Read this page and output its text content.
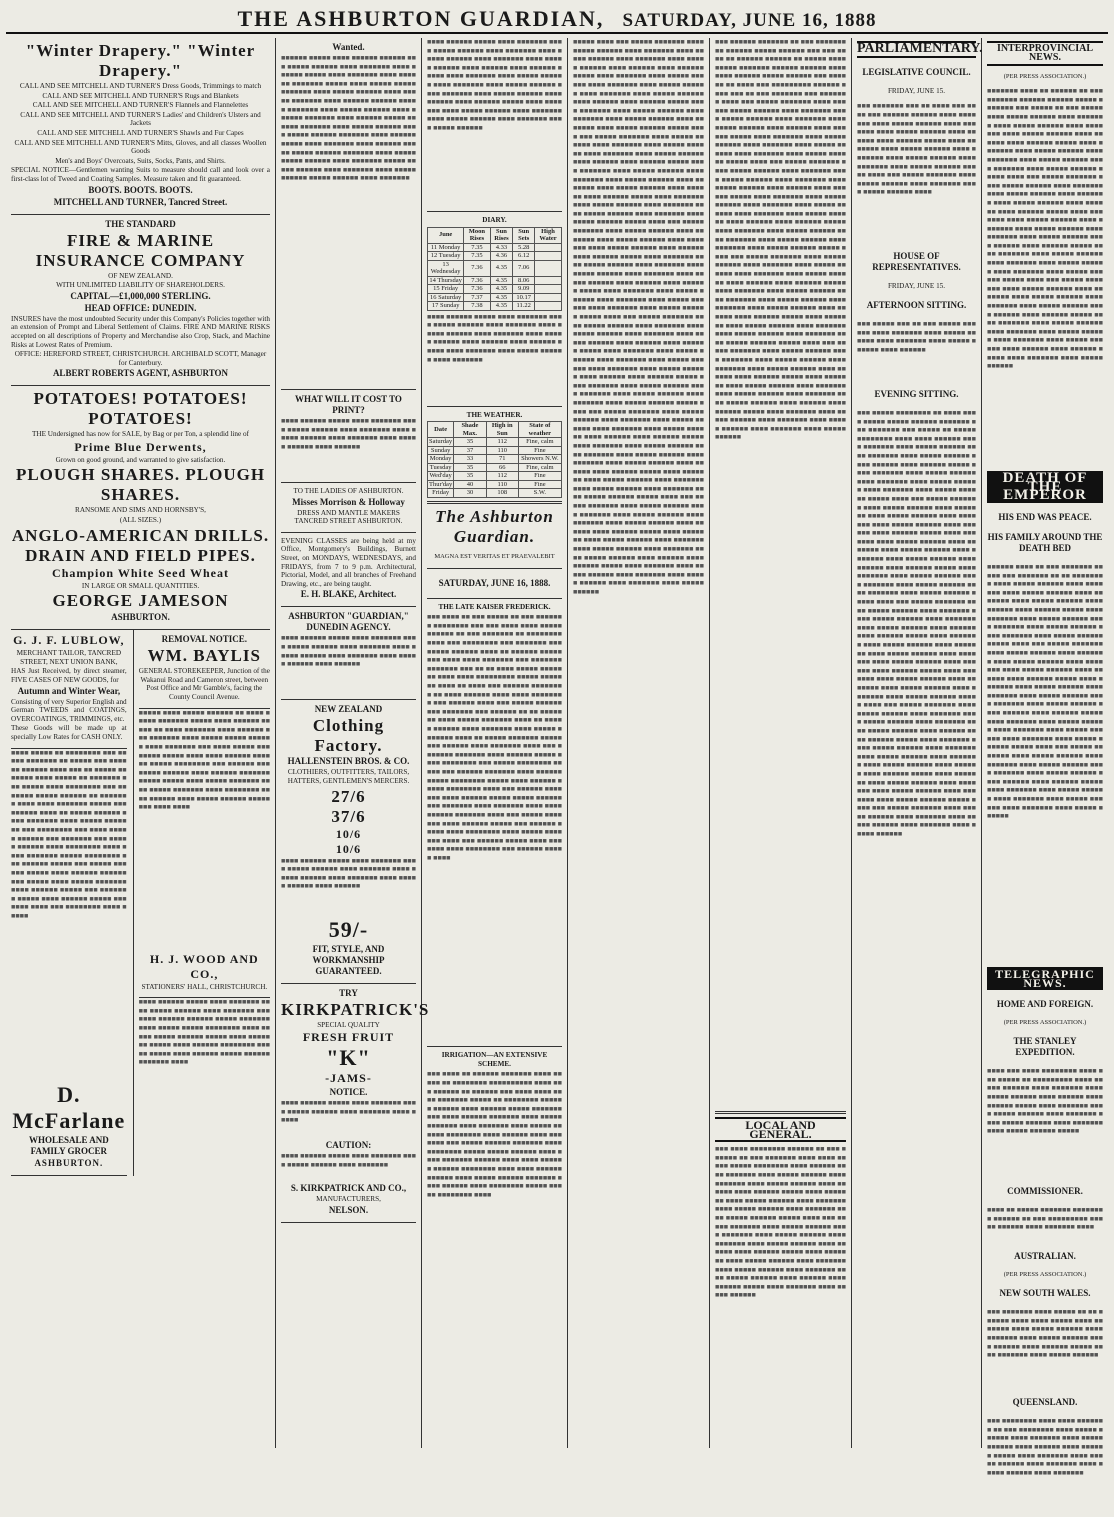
THE ASHBURTON GUARDIAN, SATURDAY, JUNE 16, 1888
"Winter Drapery." "Winter Drapery."

CALL AND SEE MITCHELL AND TURNER'S Dress Goods, Trimmings to match

CALL AND SEE MITCHELL AND TURNER'S Rugs and Blankets

CALL AND SEE MITCHELL AND TURNER'S Flannels and Flannelettes

CALL AND SEE MITCHELL AND TURNER'S Ladies' and Children's Ulsters and Jackets

CALL AND SEE MITCHELL AND TURNER'S Shawls and Fur Capes

CALL AND SEE MITCHELL AND TURNER'S Mitts, Gloves, and all classes Woollen Goods

Men's and Boys' Overcoats, Suits, Socks, Pants, and Shirts.

SPECIAL NOTICE—Gentlemen wanting Suits to measure should call and look over a first-class lot of Tweed and Coating Samples. Measure taken and fit guaranteed.

BOOTS. BOOTS. BOOTS.

MITCHELL AND TURNER, Tancred Street.

THE STANDARD

FIRE & MARINE INSURANCE COMPANY

OF NEW ZEALAND.

WITH UNLIMITED LIABILITY OF SHAREHOLDERS.

CAPITAL—£1,000,000 STERLING.

HEAD OFFICE: DUNEDIN.

INSURES have the most undoubted Security under this Company's Policies together with an extension of Prompt and Liberal Settlement of Claims. FIRE AND MARINE RISKS accepted on all descriptions of Property and Merchandise also Crop, Stack, and Machine Risks at Lowest Rates of Premium.

OFFICE: HEREFORD STREET, CHRISTCHURCH. ARCHIBALD SCOTT, Manager for Canterbury.

ALBERT ROBERTS AGENT, ASHBURTON

POTATOES! POTATOES! POTATOES!

THE Undersigned has now for SALE, by Bag or per Ton, a splendid line of

Prime Blue Derwents,

Grown on good ground, and warranted to give satisfaction.

PLOUGH SHARES. PLOUGH SHARES.

RANSOME AND SIMS AND HORNSBY'S,

(ALL SIZES.)

ANGLO-AMERICAN DRILLS.
DRAIN AND FIELD PIPES.
Champion White Seed Wheat

IN LARGE OR SMALL QUANTITIES.

GEORGE JAMESON

ASHBURTON.

G. J. F. LUBLOW,

MERCHANT TAILOR, TANCRED STREET, NEXT UNION BANK,

HAS Just Received, by direct steamer, FIVE CASES OF NEW GOODS, for

Autumn and Winter Wear,

Consisting of very Superior English and German TWEEDS and COATINGS, OVERCOATINGS, TRIMMINGS, etc.

These Goods will be made up at specially Low Rates for CASH ONLY.

■■■■ ■■■■■ ■■ ■■■■■■■■ ■■■ ■■■■■ ■■■■■■■ ■■ ■■■■■ ■■■ ■■■■■■ ■■■■■■ ■■■■ ■■■ ■■ ■■■■■ ■■■■■■■ ■■■■ ■■■■■ ■■ ■■■■■■■ ■■■ ■■■■■ ■■■■ ■■■■■■■■ ■■■ ■■■■■■■ ■■■■■ ■■■■■■ ■■ ■■■■■■■ ■■■■ ■■■■ ■■■■■■■ ■■■■■ ■■■ ■■■■■■ ■■■■ ■■ ■■■■■ ■■■■■■ ■■■■ ■■■■■■■ ■■■■ ■■■■■ ■■■■■■■ ■■■ ■■■■■■■■ ■■■ ■■■■ ■■■■■ ■■■■■■ ■■■ ■■■■■■■ ■■■ ■■■■■ ■■■■■■ ■■■■ ■■■■■■■■ ■■■■ ■■■■ ■■■■■■■ ■■■■■ ■■■■■■■■ ■■■ ■■■■■■ ■■■■■ ■■■ ■■■■■ ■■■■■■ ■■■■■ ■■■■ ■■■■■■ ■■■■■■■■■ ■■■■■ ■■■■ ■■■■■ ■■■■■■■ ■■■■ ■■■■■■ ■■■■■ ■■■ ■■■■■■■ ■■■■■ ■■■■ ■■■■■■ ■■■■■ ■■■■■■■ ■■■■ ■■■ ■■■■■■■■ ■■■■ ■■■■■
D. McFarlane

WHOLESALE AND FAMILY GROCER

ASHBURTON.

REMOVAL NOTICE.

WM. BAYLIS

GENERAL STOREKEEPER, Junction of the Wakanui Road and Cameron street, between Post Office and Mr Gamble's, facing the County Council Avenue.

■■■■■ ■■■■ ■■■■■ ■■■■■■ ■■ ■■■■ ■■■■■ ■■■■■■■ ■■■■■ ■■■■ ■■■■■■ ■■■■■ ■■ ■■■■ ■■■■■■■ ■■■■ ■■■■■■ ■■■ ■■■■■■■ ■■■■ ■■■■■ ■■■■■ ■■■■■■ ■■■■ ■■■■■■■ ■■■ ■■■■ ■■■■■ ■■■■■■■■ ■■■■■ ■■■■ ■■■■ ■■■■■■ ■■■■■■ ■■■■■ ■■■■■■■■ ■■■ ■■■■■■ ■■■ ■■■■■ ■■■■■■ ■■■■ ■■■■■■ ■■■■■■■ ■■■■■ ■■■■■ ■■■■ ■■■■■ ■■■■■■■ ■■■■ ■■■■■ ■■■■■■■ ■■■■ ■■■■■■■■ ■■■■ ■■■■■■ ■■■■ ■■■■■ ■■■■■■ ■■■■■■■■ ■■■■ ■■■■
H. J. WOOD AND CO.,

STATIONERS' HALL, CHRISTCHURCH.

■■■■ ■■■■■■ ■■■■■ ■■■■ ■■■■■■■ ■■■■ ■■■■■ ■■■■■■ ■■■■ ■■■■■■■ ■■■ ■■■■ ■■■■■■ ■■■■■■ ■■■■■ ■■■■■■■ ■■■■ ■■■■■ ■■■■■ ■■■■■■■■ ■■■■ ■■■■■ ■■■■■ ■■■■■■ ■■■■■ ■■■■ ■■■■■■■ ■■■■■ ■■■■ ■■■■■■ ■■■■■■■■ ■■■■■ ■■■■■ ■■■■ ■■■■■■ ■■■■■ ■■■■■■ ■■■■■■■ ■■■■

Wanted.

■■■■■■ ■■■■■ ■■■■ ■■■■■■ ■■■■■■ ■■■ ■■■■■ ■■■■■■ ■■■■ ■■■■■■■ ■■■■ ■■■■■■ ■■■■■ ■■■■ ■■■■■■■ ■■■■ ■■■■■■ ■■■■■■■ ■■■■■ ■■■■ ■■■■■ ■■■■■ ■■■■■■■ ■■■■ ■■■■■ ■■■■■■ ■■■■ ■■■■■ ■■■■■■■ ■■■■ ■■■■■■ ■■■■■■ ■■■■■ ■■■■■■■ ■■■■ ■■■■■ ■■■■■■ ■■■■ ■■■■■■ ■■■■■■■ ■■■■ ■■■■■■ ■■■■■ ■■■■■■ ■■■■■■■ ■■■■ ■■■■■ ■■■■■■ ■■■■ ■■■■■ ■■■■■■ ■■■■■■■ ■■■■ ■■■■■■ ■■■■■ ■■■■ ■■■■■■■ ■■■■ ■■■■■■ ■■■■■ ■■■■■ ■■■■■■ ■■■■■■■ ■■■■ ■■■■■ ■■■■■ ■■■■■■ ■■■■ ■■■■■■■ ■■■■■ ■■■■■ ■■■■■■ ■■■■ ■■■■■■■ ■■■■ ■■■■■ ■■■■■■ ■■■■■ ■■■■■■ ■■■■ ■■■■■■■

WHAT WILL IT COST TO PRINT?

■■■■ ■■■■■■ ■■■■■ ■■■■ ■■■■■■■ ■■■■ ■■■■■ ■■■■■■ ■■■■ ■■■■■■■ ■■■■ ■■■■■ ■■■■■■ ■■■■ ■■■■■■■ ■■■■ ■■■■■ ■■■■■■ ■■■■ ■■■■■■

TO THE LADIES OF ASHBURTON.

Misses Morrison & Holloway

DRESS AND MANTLE MAKERS TANCRED STREET ASHBURTON.

EVENING CLASSES are being held at my Office, Montgomery's Buildings, Burnett Street, on MONDAYS, WEDNESDAYS, and FRIDAYS, from 7 to 9 p.m. Architectural, Pictorial, Model, and all branches of Freehand Drawing, etc., are being taught.

E. H. BLAKE, Architect.

ASHBURTON "GUARDIAN," DUNEDIN AGENCY.

■■■■ ■■■■■■ ■■■■■ ■■■■ ■■■■■■■ ■■■■ ■■■■■ ■■■■■■ ■■■■ ■■■■■■■ ■■■■ ■■■■■ ■■■■■■ ■■■■ ■■■■■■■ ■■■■ ■■■■■ ■■■■■■ ■■■■ ■■■■■■

NEW ZEALAND

Clothing Factory.
HALLENSTEIN BROS. & CO.

CLOTHIERS, OUTFITTERS, TAILORS, HATTERS, GENTLEMEN'S MERCERS.

27/6
37/6
10/6
10/6
■■■■ ■■■■■■ ■■■■■ ■■■■ ■■■■■■■ ■■■■ ■■■■■ ■■■■■■ ■■■■ ■■■■■■■ ■■■■ ■■■■■ ■■■■■■ ■■■■ ■■■■■■■ ■■■■ ■■■■■ ■■■■■■ ■■■■ ■■■■■■
59/-

FIT, STYLE, AND WORKMANSHIP GUARANTEED.

TRY

KIRKPATRICK'S

SPECIAL QUALITY

FRESH FRUIT
"K"
-JAMS-

NOTICE.

■■■■ ■■■■■■ ■■■■■ ■■■■ ■■■■■■■ ■■■■ ■■■■■ ■■■■■■ ■■■■ ■■■■■■■ ■■■■ ■■■■■

CAUTION:

■■■■ ■■■■■■ ■■■■■ ■■■■ ■■■■■■■ ■■■■ ■■■■■ ■■■■■■ ■■■■ ■■■■■■■

S. KIRKPATRICK AND CO.,

MANUFACTURERS,

NELSON.

■■■■ ■■■■■■ ■■■■■ ■■■■ ■■■■■■■ ■■■■ ■■■■■ ■■■■■■ ■■■■ ■■■■■■■ ■■■■ ■■■■■ ■■■■■■ ■■■■ ■■■■■■■ ■■■■ ■■■■■ ■■■■■■ ■■■■ ■■■■■■ ■■■■ ■■■■■■ ■■■■■ ■■■■ ■■■■■■■ ■■■■ ■■■■■ ■■■■■■ ■■■■ ■■■■■■■ ■■■■ ■■■■■ ■■■■■■ ■■■■ ■■■■■■■ ■■■■ ■■■■■ ■■■■■■ ■■■■ ■■■■■■ ■■■■ ■■■■■■ ■■■■■ ■■■■ ■■■■■■■ ■■■■ ■■■■■ ■■■■■■ ■■■■ ■■■■■■■ ■■■■ ■■■■■ ■■■■■■ ■■■■ ■■■■■■■ ■■■■ ■■■■■ ■■■■■■
DIARY.
June	Moon Rises	Sun Rises	Sun Sets	High Water
11 Monday	7.35	4.33	5.28	
12 Tuesday	7.35	4.36	6.12	
13 Wednesday	7.36	4.35	7.06	
14 Thursday	7.36	4.35	8.06	
15 Friday	7.36	4.35	9.09	
16 Saturday	7.37	4.35	10.17	
17 Sunday	7.38	4.35	11.22	
■■■■ ■■■■■■ ■■■■■ ■■■■ ■■■■■■■ ■■■■ ■■■■■ ■■■■■■ ■■■■ ■■■■■■■ ■■■■ ■■■■■ ■■■■■■ ■■■■ ■■■■■■■ ■■■■ ■■■■■ ■■■■■■ ■■■■ ■■■■■■ ■■■■ ■■■■■■ ■■■■■ ■■■■ ■■■■■■■ ■■■■ ■■■■■ ■■■■■■ ■■■■ ■■■■■■■
THE WEATHER.
Date	Shade Max.	High in Sun	State of weather
Saturday	35	112	Fine, calm
Sunday	37	110	Fine
Monday	33	71	Showers N.W.
Tuesday	35	66	Fine, calm
Wed'day	35	112	Fine
Thur'day	40	110	Fine
Friday	30	108	S.W.
The Ashburton Guardian.

MAGNA EST VERITAS ET PRAEVALEBIT

SATURDAY, JUNE 16, 1888.

THE LATE KAISER FREDERICK.
■■■ ■■■■ ■■ ■■■ ■■■■■ ■■ ■■■ ■■■■■■■ ■■■■■■■■ ■■■ ■■■ ■■■■ ■■■■ ■■■■■■■■■■■ ■■ ■■■ ■■■■■■■ ■■ ■■■■■■■■ ■■■■ ■■■ ■■■■■■■■ ■■■ ■■■■■■■ ■■■ ■■■■■ ■■■■■■ ■■■■ ■■ ■■■■■■ ■■■■■ ■■■ ■■■■ ■■■■ ■■■■■■■ ■■■ ■■■■■■■ ■■■■■■■ ■■■ ■■ ■■ ■■■■ ■■■■■ ■■■■■■■ ■■■■ ■■■■ ■■■■■■■■■ ■■■■■ ■■■■■■■ ■■■■ ■■ ■■■■ ■■■ ■■■■■■ ■■■■■■■■ ■■ ■■■■ ■■■■■■ ■■■■ ■■■■ ■■■■■■■■ ■■■ ■■■■■■ ■■■■ ■■■ ■■■■■ ■■■■■■ ■■■ ■■■■■■■ ■■■ ■■■■■■ ■■ ■■ ■■■■■■■ ■■■■ ■■■■■ ■■■■■■■ ■■■■ ■■ ■■■■■ ■■■■■■ ■■■■ ■■■■■■■ ■■■■ ■■■■■ ■■■■■■■ ■■■■ ■■ ■■■■■ ■■■■■■■ ■■■■■ ■■■ ■■■■■■ ■■■■ ■■■■■■■ ■■■■ ■■■ ■■■■■■■ ■■■■■■■ ■■■■ ■■■■■■ ■■■■■ ■■■■ ■■■■■■■■ ■■■ ■■■■■ ■■■■■■■■ ■■■■■ ■■■ ■■■■■■ ■■■■■■■ ■■■■ ■■■■■■ ■■■■■ ■■■■■■■■ ■■■■■ ■■■■ ■■■■■■ ■■■■■ ■■■■■■■■ ■■■■ ■■■ ■■■■■■ ■■■■■■■ ■■■■ ■■■■■■ ■■■■■ ■■■■■ ■■■■■■ ■■■ ■■■■■■■ ■■■■ ■■■■■■■ ■■■■ ■■■■ ■■■■■■ ■■■■■■■ ■■■■ ■■■ ■■■■■ ■■■■■■■ ■■■■ ■■■■■■ ■■■■■ ■■■ ■■■■■■ ■■■■■ ■■■■ ■■■■■■■■ ■■■■ ■■■■■ ■■■■■■■ ■■■■ ■■■ ■■■■■■ ■■■■■ ■■■■ ■■■■■■■ ■■■■ ■■■■■■■■ ■■■ ■■■■■■ ■■■■■ ■■■■
IRRIGATION—AN EXTENSIVE SCHEME.
■■■ ■■■■ ■■ ■■■■■■ ■■■■■■■ ■■■■ ■■■■■ ■■ ■■■■■■■■ ■■■■■■■■■■ ■■■■ ■■■ ■■■■■■ ■■ ■■■■■■ ■■■ ■■■■ ■■■■ ■■■■ ■■■■■■■ ■■■■■ ■■ ■■■■■■■■ ■■■■■■ ■■■■■■ ■■■■ ■■■■■■ ■■■■■ ■■■■■■■ ■■■ ■■■■ ■■■■■■ ■■■■■■■ ■■■■ ■■■■■ ■■■■■■■ ■■■■ ■■■■■■■ ■■■■ ■■■■■ ■■■■■■ ■■■■■■■■ ■■■■ ■■■■■■ ■■■■ ■■■■■■■ ■■■ ■■■■■ ■■■■■■ ■■■■■■■ ■■■■ ■■■■■■■■ ■■■■■ ■■■■■ ■■■■■■ ■■■■ ■■■■ ■■■■■■■ ■■■■■■ ■■■■ ■■■■ ■■■■■■ ■■■■■■ ■■■■■■■■ ■■■■ ■■■■ ■■■■■■ ■■■■■■ ■■■■ ■■■■■ ■■■■■■ ■■■■■■■ ■■■■ ■■■■■■ ■■■■ ■■■■■■■■ ■■■■■ ■■■■■ ■■■■■■■■ ■■■■
■■■■■ ■■■■ ■■■ ■■■■■ ■■■■■■■ ■■■■ ■■■■■ ■■■■■■ ■■■■ ■■■■■■■ ■■■■ ■■■■■ ■■■■■■ ■■■■ ■■■■■■■ ■■■■ ■■■■■ ■■■■■■ ■■■■ ■■■■■■ ■■■■ ■■■■■■ ■■■■■ ■■■■ ■■■■■■■ ■■■■ ■■■■■ ■■■■■■ ■■■■ ■■■■■■■ ■■■■ ■■■■■ ■■■■■■ ■■■■ ■■■■■■■ ■■■■ ■■■■■ ■■■■■■ ■■■■ ■■■■■■ ■■■■ ■■■■■■ ■■■■■ ■■■■ ■■■■■■■ ■■■■ ■■■■■ ■■■■■■ ■■■■ ■■■■■■■ ■■■■ ■■■■■ ■■■■■■ ■■■■ ■■■■■■■ ■■■■ ■■■■■ ■■■■■■ ■■■■■ ■■■■ ■■■ ■■■■■ ■■■■■■■ ■■■■ ■■■■■ ■■■■■■ ■■■■ ■■■■■■■ ■■■■ ■■■■■ ■■■■■■ ■■■■ ■■■■■■■ ■■■■ ■■■■■ ■■■■■■ ■■■■ ■■■■■■ ■■■■ ■■■■■■ ■■■■■ ■■■■ ■■■■■■■ ■■■■ ■■■■■ ■■■■■■ ■■■■ ■■■■■■■ ■■■■ ■■■■■ ■■■■■■ ■■■■ ■■■■■■■ ■■■■ ■■■■■ ■■■■■■ ■■■■ ■■■■■■ ■■■■ ■■■■■■ ■■■■■ ■■■■ ■■■■■■■ ■■■■ ■■■■■ ■■■■■■ ■■■■ ■■■■■■■ ■■■■ ■■■■■ ■■■■■■ ■■■■ ■■■■■■■ ■■■■ ■■■■■ ■■■■■■ ■■■■■ ■■■■ ■■■ ■■■■■ ■■■■■■■ ■■■■ ■■■■■ ■■■■■■ ■■■■ ■■■■■■■ ■■■■ ■■■■■ ■■■■■■ ■■■■ ■■■■■■■ ■■■■ ■■■■■ ■■■■■■ ■■■■ ■■■■■■ ■■■■ ■■■■■■ ■■■■■ ■■■■ ■■■■■■■ ■■■■ ■■■■■ ■■■■■■ ■■■■ ■■■■■■■ ■■■■ ■■■■■ ■■■■■■ ■■■■ ■■■■■■■ ■■■■ ■■■■■ ■■■■■■ ■■■■ ■■■■■■ ■■■■ ■■■■■■ ■■■■■ ■■■■ ■■■■■■■ ■■■■ ■■■■■ ■■■■■■ ■■■■ ■■■■■■■ ■■■■ ■■■■■ ■■■■■■ ■■■■ ■■■■■■■ ■■■■ ■■■■■ ■■■■■■ ■■■■■ ■■■■ ■■■ ■■■■■ ■■■■■■■ ■■■■ ■■■■■ ■■■■■■ ■■■■ ■■■■■■■ ■■■■ ■■■■■ ■■■■■■ ■■■■ ■■■■■■■ ■■■■ ■■■■■ ■■■■■■ ■■■■ ■■■■■■ ■■■■ ■■■■■■ ■■■■■ ■■■■ ■■■■■■■ ■■■■ ■■■■■ ■■■■■■ ■■■■ ■■■■■■■ ■■■■ ■■■■■ ■■■■■■ ■■■■ ■■■■■■■ ■■■■ ■■■■■ ■■■■■■ ■■■■ ■■■■■■ ■■■■ ■■■■■■ ■■■■■ ■■■■ ■■■■■■■ ■■■■ ■■■■■ ■■■■■■ ■■■■ ■■■■■■■ ■■■■ ■■■■■ ■■■■■■ ■■■■ ■■■■■■■ ■■■■ ■■■■■ ■■■■■■ ■■■■■ ■■■■ ■■■ ■■■■■ ■■■■■■■ ■■■■ ■■■■■ ■■■■■■ ■■■■ ■■■■■■■ ■■■■ ■■■■■ ■■■■■■ ■■■■ ■■■■■■■ ■■■■ ■■■■■ ■■■■■■ ■■■■ ■■■■■■ ■■■■ ■■■■■■ ■■■■■ ■■■■ ■■■■■■■ ■■■■ ■■■■■ ■■■■■■ ■■■■ ■■■■■■■ ■■■■ ■■■■■ ■■■■■■ ■■■■ ■■■■■■■ ■■■■ ■■■■■ ■■■■■■ ■■■■ ■■■■■■ ■■■■ ■■■■■■ ■■■■■ ■■■■ ■■■■■■■ ■■■■ ■■■■■ ■■■■■■ ■■■■ ■■■■■■■ ■■■■ ■■■■■ ■■■■■■ ■■■■ ■■■■■■■ ■■■■ ■■■■■ ■■■■■■ ■■■■■ ■■■■ ■■■ ■■■■■ ■■■■■■■ ■■■■ ■■■■■ ■■■■■■ ■■■■ ■■■■■■■ ■■■■ ■■■■■ ■■■■■■ ■■■■ ■■■■■■■ ■■■■ ■■■■■ ■■■■■■ ■■■■ ■■■■■■ ■■■■ ■■■■■■ ■■■■■ ■■■■ ■■■■■■■ ■■■■ ■■■■■ ■■■■■■ ■■■■ ■■■■■■■ ■■■■ ■■■■■ ■■■■■■ ■■■■ ■■■■■■■ ■■■■ ■■■■■ ■■■■■■ ■■■■ ■■■■■■ ■■■■ ■■■■■■ ■■■■■ ■■■■ ■■■■■■■ ■■■■ ■■■■■ ■■■■■■ ■■■■ ■■■■■■■ ■■■■ ■■■■■ ■■■■■■ ■■■■ ■■■■■■■ ■■■■ ■■■■■ ■■■■■■
■■■ ■■■■■■ ■■■■■■■ ■■ ■■■ ■■■■■■■■■ ■■■■■■ ■■■■■ ■■■■■■ ■■■ ■■■ ■■■■ ■■ ■■■■■■ ■■■■■■ ■■ ■■■■■ ■■■■■■■■■ ■■■■■■■ ■■■■■■ ■■■■■■ ■■■■ ■■■■ ■■■■■■ ■■■■■ ■■■■■■ ■■■ ■■■■■■ ■■ ■■■■ ■■■ ■■■■■■■■■ ■■■■■■ ■■■■ ■■■ ■■ ■■■ ■■■■■■■ ■■■ ■■■■■■■ ■■■■ ■■■ ■■■■■ ■■■■■■■ ■■■■ ■■■■■■ ■■■■■ ■■■■■■ ■■■■ ■■■■■■■ ■■■■ ■■■■■ ■■■■■■ ■■■■ ■■■■■■■ ■■■■ ■■■■■ ■■■■■■ ■■■■ ■■■■■■ ■■■■ ■■■■■■ ■■■■■ ■■■■ ■■■■■■■ ■■■■ ■■■■■ ■■■■■■ ■■■■ ■■■■■■■ ■■■■ ■■■■■ ■■■■■■ ■■■■ ■■■■■■■ ■■■■ ■■■■■ ■■■■■■ ■■■■■ ■■■■ ■■■ ■■■■■ ■■■■■■■ ■■■■ ■■■■■ ■■■■■■ ■■■■ ■■■■■■■ ■■■■ ■■■■■ ■■■■■■ ■■■■ ■■■■■■■ ■■■■ ■■■■■ ■■■■■■ ■■■■ ■■■■■■ ■■■■ ■■■■■■ ■■■■■ ■■■■ ■■■■■■■ ■■■■ ■■■■■ ■■■■■■ ■■■■ ■■■■■■■ ■■■■ ■■■■■ ■■■■■■ ■■■■ ■■■■■■■ ■■■■ ■■■■■ ■■■■■■ ■■■■ ■■■■■■ ■■■■ ■■■■■■ ■■■■■ ■■■■ ■■■■■■■ ■■■■ ■■■■■ ■■■■■■ ■■■■ ■■■■■■■ ■■■■ ■■■■■ ■■■■■■ ■■■■ ■■■■■■■ ■■■■ ■■■■■ ■■■■■■ ■■■■■ ■■■■ ■■■ ■■■■■ ■■■■■■■ ■■■■ ■■■■■ ■■■■■■ ■■■■ ■■■■■■■ ■■■■ ■■■■■ ■■■■■■ ■■■■ ■■■■■■■ ■■■■ ■■■■■ ■■■■■■ ■■■■ ■■■■■■ ■■■■ ■■■■■■ ■■■■■ ■■■■ ■■■■■■■ ■■■■ ■■■■■ ■■■■■■ ■■■■ ■■■■■■■ ■■■■ ■■■■■ ■■■■■■ ■■■■ ■■■■■■■ ■■■■ ■■■■■ ■■■■■■ ■■■■ ■■■■■■ ■■■■ ■■■■■■ ■■■■■ ■■■■ ■■■■■■■ ■■■■ ■■■■■ ■■■■■■ ■■■■ ■■■■■■■ ■■■■ ■■■■■ ■■■■■■ ■■■■ ■■■■■■■ ■■■■ ■■■■■ ■■■■■■ ■■■■■ ■■■■ ■■■ ■■■■■ ■■■■■■■ ■■■■ ■■■■■ ■■■■■■ ■■■■ ■■■■■■■ ■■■■ ■■■■■ ■■■■■■ ■■■■ ■■■■■■■ ■■■■ ■■■■■ ■■■■■■ ■■■■ ■■■■■■ ■■■■ ■■■■■■ ■■■■■ ■■■■ ■■■■■■■ ■■■■ ■■■■■ ■■■■■■ ■■■■ ■■■■■■■ ■■■■ ■■■■■ ■■■■■■ ■■■■ ■■■■■■■ ■■■■ ■■■■■ ■■■■■■ ■■■■ ■■■■■■ ■■■■ ■■■■■■ ■■■■■ ■■■■ ■■■■■■■ ■■■■ ■■■■■ ■■■■■■ ■■■■ ■■■■■■■ ■■■■ ■■■■■ ■■■■■■ ■■■■ ■■■■■■■ ■■■■ ■■■■■ ■■■■■■
LOCAL AND GENERAL.
■■■ ■■■■ ■■■■■■■■ ■■■■■■ ■■ ■■■ ■■■■■■ ■■ ■■■ ■■■■■■■ ■■■■ ■■■■ ■■ ■■■ ■■■■■ ■■■■■■■■ ■■■■ ■■■■■■ ■■■■ ■■■■■■■ ■■■■ ■■■■■ ■■■■■■ ■■■■ ■■■■■■■ ■■■■ ■■■■■ ■■■■■■ ■■■■ ■■■■■■ ■■■■ ■■■■■■ ■■■■■ ■■■■ ■■■■■■■ ■■■■ ■■■■■ ■■■■■■ ■■■■ ■■■■■■■ ■■■■ ■■■■■ ■■■■■■ ■■■■ ■■■■■■■ ■■■■ ■■■■■ ■■■■■■ ■■■■■ ■■■■ ■■■ ■■■■■ ■■■■■■■ ■■■■ ■■■■■ ■■■■■■ ■■■■ ■■■■■■■ ■■■■ ■■■■■ ■■■■■■ ■■■■ ■■■■■■■ ■■■■ ■■■■■ ■■■■■■ ■■■■ ■■■■■■ ■■■■ ■■■■■■ ■■■■■ ■■■■ ■■■■■■■ ■■■■ ■■■■■ ■■■■■■ ■■■■ ■■■■■■■ ■■■■ ■■■■■ ■■■■■■ ■■■■ ■■■■■■■ ■■■■ ■■■■■ ■■■■■■ ■■■■ ■■■■■■ ■■■■ ■■■■■■ ■■■■■ ■■■■ ■■■■■■■ ■■■■ ■■■■■ ■■■■■■
PARLIAMENTARY.

LEGISLATIVE COUNCIL.

FRIDAY, JUNE 15.

■■■ ■■■■■■■ ■■■ ■■ ■■■■ ■■■ ■■■■ ■■■ ■■■■■■ ■■■■■■ ■■■■ ■■■■■■■ ■■■■ ■■■■■ ■■■■■■ ■■■■ ■■■■■■■ ■■■■ ■■■■■ ■■■■■■ ■■■■ ■■■■■■ ■■■■ ■■■■■■ ■■■■■ ■■■■ ■■■■■■■ ■■■■ ■■■■■ ■■■■■■ ■■■■ ■■■■■■■ ■■■■ ■■■■■ ■■■■■■ ■■■■ ■■■■■■■ ■■■■ ■■■■■ ■■■■■■ ■■■■■ ■■■■ ■■■ ■■■■■ ■■■■■■■ ■■■■ ■■■■■ ■■■■■■ ■■■■ ■■■■■■■ ■■■■ ■■■■■ ■■■■■■ ■■■■

HOUSE OF REPRESENTATIVES.

FRIDAY, JUNE 15.

AFTERNOON SITTING.

■■■ ■■■■■ ■■■ ■■ ■■■ ■■■■■ ■■■■■■ ■■■■ ■■■■■■■ ■■■■ ■■■■■ ■■■■■■ ■■■■ ■■■■■■■ ■■■■ ■■■■■ ■■■■■■ ■■■■ ■■■■■■

EVENING SITTING.

■■■ ■■■■■ ■■■■■■■■ ■■ ■■■■ ■■■■ ■■■■■ ■■■■■ ■■■■■■ ■■■■■■■ ■■■ ■■■■■■■ ■■■ ■■■■■ ■■ ■■■■■ ■■■■■■■■ ■■■■ ■■■■ ■■■■■■ ■■■■ ■■■■■■■ ■■■■ ■■■■■ ■■■■■■ ■■■■ ■■■■■■■ ■■■■ ■■■■■ ■■■■■■ ■■■■ ■■■■■■ ■■■■ ■■■■■■ ■■■■■ ■■■■ ■■■■■■■ ■■■■ ■■■■■ ■■■■■■ ■■■■ ■■■■■■■ ■■■■ ■■■■■ ■■■■■■ ■■■■ ■■■■■■■ ■■■■ ■■■■■ ■■■■■■ ■■■■■ ■■■■ ■■■ ■■■■■ ■■■■■■■ ■■■■ ■■■■■ ■■■■■■ ■■■■ ■■■■■■■ ■■■■ ■■■■■ ■■■■■■ ■■■■ ■■■■■■■ ■■■■ ■■■■■ ■■■■■■ ■■■■ ■■■■■■ ■■■■ ■■■■■■ ■■■■■ ■■■■ ■■■■■■■ ■■■■ ■■■■■ ■■■■■■ ■■■■ ■■■■■■■ ■■■■ ■■■■■ ■■■■■■ ■■■■ ■■■■■■■ ■■■■ ■■■■■ ■■■■■■ ■■■■ ■■■■■■ ■■■■ ■■■■■■ ■■■■■ ■■■■ ■■■■■■■ ■■■■ ■■■■■ ■■■■■■ ■■■■ ■■■■■■■ ■■■■ ■■■■■ ■■■■■■ ■■■■ ■■■■■■■ ■■■■ ■■■■■ ■■■■■■ ■■■■■ ■■■■ ■■■ ■■■■■ ■■■■■■■ ■■■■ ■■■■■ ■■■■■■ ■■■■ ■■■■■■■ ■■■■ ■■■■■ ■■■■■■ ■■■■ ■■■■■■■ ■■■■ ■■■■■ ■■■■■■ ■■■■ ■■■■■■ ■■■■ ■■■■■■ ■■■■■ ■■■■ ■■■■■■■ ■■■■ ■■■■■ ■■■■■■ ■■■■ ■■■■■■■ ■■■■ ■■■■■ ■■■■■■ ■■■■ ■■■■■■■ ■■■■ ■■■■■ ■■■■■■ ■■■■ ■■■■■■ ■■■■ ■■■■■■ ■■■■■ ■■■■ ■■■■■■■ ■■■■ ■■■■■ ■■■■■■ ■■■■ ■■■■■■■ ■■■■ ■■■■■ ■■■■■■ ■■■■ ■■■■■■■ ■■■■ ■■■■■ ■■■■■■ ■■■■■ ■■■■ ■■■ ■■■■■ ■■■■■■■ ■■■■ ■■■■■ ■■■■■■ ■■■■ ■■■■■■■ ■■■■ ■■■■■ ■■■■■■ ■■■■ ■■■■■■■ ■■■■ ■■■■■ ■■■■■■ ■■■■ ■■■■■■ ■■■■ ■■■■■■ ■■■■■ ■■■■ ■■■■■■■ ■■■■ ■■■■■ ■■■■■■ ■■■■ ■■■■■■■ ■■■■ ■■■■■ ■■■■■■ ■■■■ ■■■■■■■ ■■■■ ■■■■■ ■■■■■■ ■■■■ ■■■■■■ ■■■■ ■■■■■■ ■■■■■ ■■■■ ■■■■■■■ ■■■■ ■■■■■ ■■■■■■ ■■■■ ■■■■■■■ ■■■■ ■■■■■ ■■■■■■ ■■■■ ■■■■■■■ ■■■■ ■■■■■ ■■■■■■ ■■■■■ ■■■■ ■■■ ■■■■■ ■■■■■■■ ■■■■ ■■■■■ ■■■■■■ ■■■■ ■■■■■■■ ■■■■ ■■■■■ ■■■■■■ ■■■■ ■■■■■■■ ■■■■ ■■■■■ ■■■■■■
INTERPROVINCIAL NEWS.

(PER PRESS ASSOCIATION.)

■■■■■■■ ■■■■ ■■ ■■■■■■ ■■ ■■■ ■■■■■■■ ■■■■■■ ■■■■■■ ■■■■■ ■■■■■■■ ■■■ ■■■■■ ■■ ■■■ ■■■■■ ■■■■ ■■■■■ ■■■■■■ ■■■■ ■■■■■■■ ■■■■ ■■■■■ ■■■■■■ ■■■■ ■■■■■■■ ■■■■ ■■■■■ ■■■■■■ ■■■■ ■■■■■■ ■■■■ ■■■■■■ ■■■■■ ■■■■ ■■■■■■■ ■■■■ ■■■■■ ■■■■■■ ■■■■ ■■■■■■■ ■■■■ ■■■■■ ■■■■■■ ■■■■ ■■■■■■■ ■■■■ ■■■■■ ■■■■■■ ■■■■■ ■■■■ ■■■ ■■■■■ ■■■■■■■ ■■■■ ■■■■■ ■■■■■■ ■■■■ ■■■■■■■ ■■■■ ■■■■■ ■■■■■■ ■■■■ ■■■■■■■ ■■■■ ■■■■■ ■■■■■■ ■■■■ ■■■■■■ ■■■■ ■■■■■■ ■■■■■ ■■■■ ■■■■■■■ ■■■■ ■■■■■ ■■■■■■ ■■■■ ■■■■■■■ ■■■■ ■■■■■ ■■■■■■ ■■■■ ■■■■■■■ ■■■■ ■■■■■ ■■■■■■ ■■■■ ■■■■■■ ■■■■ ■■■■■■ ■■■■■ ■■■■ ■■■■■■■ ■■■■ ■■■■■ ■■■■■■ ■■■■ ■■■■■■■ ■■■■ ■■■■■ ■■■■■■ ■■■■ ■■■■■■■ ■■■■ ■■■■■ ■■■■■■ ■■■■■ ■■■■ ■■■ ■■■■■ ■■■■■■■ ■■■■ ■■■■■ ■■■■■■ ■■■■ ■■■■■■■ ■■■■ ■■■■■ ■■■■■■ ■■■■ ■■■■■■■ ■■■■ ■■■■■ ■■■■■■ ■■■■ ■■■■■■ ■■■■ ■■■■■■ ■■■■■ ■■■■ ■■■■■■■ ■■■■ ■■■■■ ■■■■■■ ■■■■ ■■■■■■■ ■■■■ ■■■■■ ■■■■■■ ■■■■ ■■■■■■■ ■■■■ ■■■■■ ■■■■■■ ■■■■ ■■■■■■ ■■■■ ■■■■■■ ■■■■■ ■■■■ ■■■■■■■ ■■■■ ■■■■■ ■■■■■■
DEATH OF THE EMPEROR

HIS END WAS PEACE.

HIS FAMILY AROUND THE DEATH BED

■■■■■■ ■■■■ ■■ ■■■ ■■■■■■■ ■■■■■ ■■■ ■■■■■■■ ■■ ■■ ■■■■■■■■ ■■■■ ■■■■■ ■■■■■■ ■■■■ ■■■■■■■ ■■■■ ■■■■■ ■■■■■■ ■■■■ ■■■■■■■ ■■■■ ■■■■■ ■■■■■■ ■■■■ ■■■■■■ ■■■■ ■■■■■■ ■■■■■ ■■■■ ■■■■■■■ ■■■■ ■■■■■ ■■■■■■ ■■■■ ■■■■■■■ ■■■■ ■■■■■ ■■■■■■ ■■■■ ■■■■■■■ ■■■■ ■■■■■ ■■■■■■ ■■■■■ ■■■■ ■■■ ■■■■■ ■■■■■■■ ■■■■ ■■■■■ ■■■■■■ ■■■■ ■■■■■■■ ■■■■ ■■■■■ ■■■■■■ ■■■■ ■■■■■■■ ■■■■ ■■■■■ ■■■■■■ ■■■■ ■■■■■■ ■■■■ ■■■■■■ ■■■■■ ■■■■ ■■■■■■■ ■■■■ ■■■■■ ■■■■■■ ■■■■ ■■■■■■■ ■■■■ ■■■■■ ■■■■■■ ■■■■ ■■■■■■■ ■■■■ ■■■■■ ■■■■■■ ■■■■ ■■■■■■ ■■■■ ■■■■■■ ■■■■■ ■■■■ ■■■■■■■ ■■■■ ■■■■■ ■■■■■■ ■■■■ ■■■■■■■ ■■■■ ■■■■■ ■■■■■■ ■■■■ ■■■■■■■ ■■■■ ■■■■■ ■■■■■■ ■■■■■ ■■■■ ■■■ ■■■■■ ■■■■■■■ ■■■■ ■■■■■ ■■■■■■ ■■■■ ■■■■■■■ ■■■■ ■■■■■ ■■■■■■ ■■■■ ■■■■■■■ ■■■■ ■■■■■ ■■■■■■ ■■■■ ■■■■■■ ■■■■ ■■■■■■ ■■■■■ ■■■■ ■■■■■■■ ■■■■ ■■■■■ ■■■■■■ ■■■■ ■■■■■■■ ■■■■ ■■■■■ ■■■■■■ ■■■■ ■■■■■■■ ■■■■ ■■■■■ ■■■■■■
TELEGRAPHIC NEWS.

HOME AND FOREIGN.

(PER PRESS ASSOCIATION.)

THE STANLEY EXPEDITION.

■■■■ ■■■ ■■■■ ■■■■■■■■ ■■■■ ■■■ ■■■■■ ■■ ■■■■■■■■■ ■■■■ ■■■■■ ■■■■■■ ■■■■ ■■■■■■■ ■■■■ ■■■■■ ■■■■■■ ■■■■ ■■■■■■ ■■■■ ■■■■■■ ■■■■■ ■■■■ ■■■■■■■ ■■■■ ■■■■■ ■■■■■■ ■■■■ ■■■■■■■ ■■■■ ■■■■■ ■■■■■■ ■■■■ ■■■■■■■ ■■■■ ■■■■■ ■■■■■■ ■■■■■

COMMISSIONER.

■■■■ ■■ ■■■■■ ■■■■■■■ ■■■■■■■■ ■■■■■■ ■■ ■■■ ■■■■■■■■■ ■■■■■ ■■■■■■ ■■■■ ■■■■■■■ ■■■■

AUSTRALIAN.

(PER PRESS ASSOCIATION.)

NEW SOUTH WALES.

■■■ ■■■■■■■ ■■■■ ■■■■■ ■■ ■■ ■■■■■■ ■■■■ ■■■■ ■■■■■ ■■■■ ■■■■■■■ ■■■■ ■■■■■ ■■■■■■ ■■■■ ■■■■■■■ ■■■■ ■■■■■ ■■■■■■ ■■■■ ■■■■■■ ■■■■ ■■■■■■ ■■■■■ ■■■■ ■■■■■■■ ■■■■ ■■■■■ ■■■■■■

QUEENSLAND.

■■■ ■■■■■■■■ ■■■■ ■■■■ ■■■■■■■ ■■ ■■■ ■■■■■■■■ ■■■■ ■■■■■ ■■■■■■ ■■■■ ■■■■■■■ ■■■■ ■■■■■ ■■■■■■ ■■■■ ■■■■■■ ■■■■ ■■■■■■ ■■■■■ ■■■■ ■■■■■■■ ■■■■ ■■■■■ ■■■■■■ ■■■■ ■■■■■■■ ■■■■ ■■■■■ ■■■■■■ ■■■■ ■■■■■■■
